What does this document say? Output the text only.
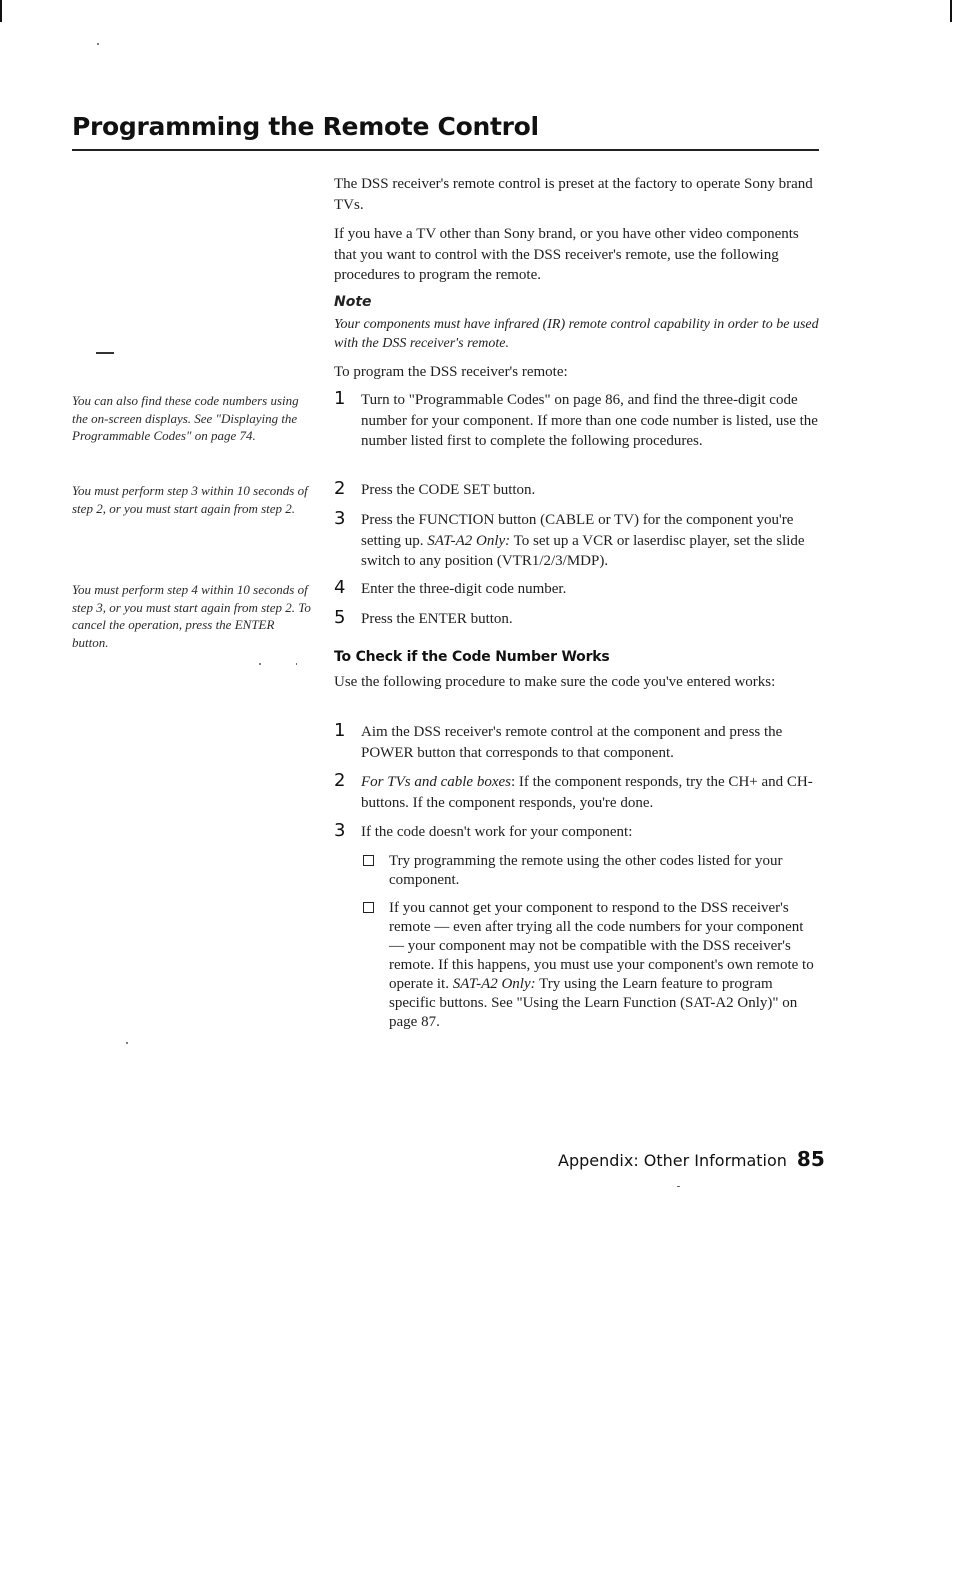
Programming the Remote Control
You can also find these code numbers using the on-screen displays. See "Displaying the Programmable Codes" on page 74.
You must perform step 3 within 10 seconds of step 2, or you must start again from step 2.
You must perform step 4 within 10 seconds of step 3, or you must start again from step 2. To cancel the operation, press the ENTER button.
The DSS receiver's remote control is preset at the factory to operate Sony brand TVs.
If you have a TV other than Sony brand, or you have other video components that you want to control with the DSS receiver's remote, use the following procedures to program the remote.
Note
Your components must have infrared (IR) remote control capability in order to be used with the DSS receiver's remote.
To program the DSS receiver's remote:
1 Turn to "Programmable Codes" on page 86, and find the three-digit code number for your component. If more than one code number is listed, use the number listed first to complete the following procedures.
2 Press the CODE SET button.
3 Press the FUNCTION button (CABLE or TV) for the component you're setting up. SAT-A2 Only: To set up a VCR or laserdisc player, set the slide switch to any position (VTR1/2/3/MDP).
4 Enter the three-digit code number.
5 Press the ENTER button.
To Check if the Code Number Works
Use the following procedure to make sure the code you've entered works:
1 Aim the DSS receiver's remote control at the component and press the POWER button that corresponds to that component.
2 For TVs and cable boxes: If the component responds, try the CH+ and CH- buttons. If the component responds, you're done.
3 If the code doesn't work for your component:
Try programming the remote using the other codes listed for your component.
If you cannot get your component to respond to the DSS receiver's remote — even after trying all the code numbers for your component — your component may not be compatible with the DSS receiver's remote. If this happens, you must use your component's own remote to operate it. SAT-A2 Only: Try using the Learn feature to program specific buttons. See "Using the Learn Function (SAT-A2 Only)" on page 87.
Appendix: Other Information 85
